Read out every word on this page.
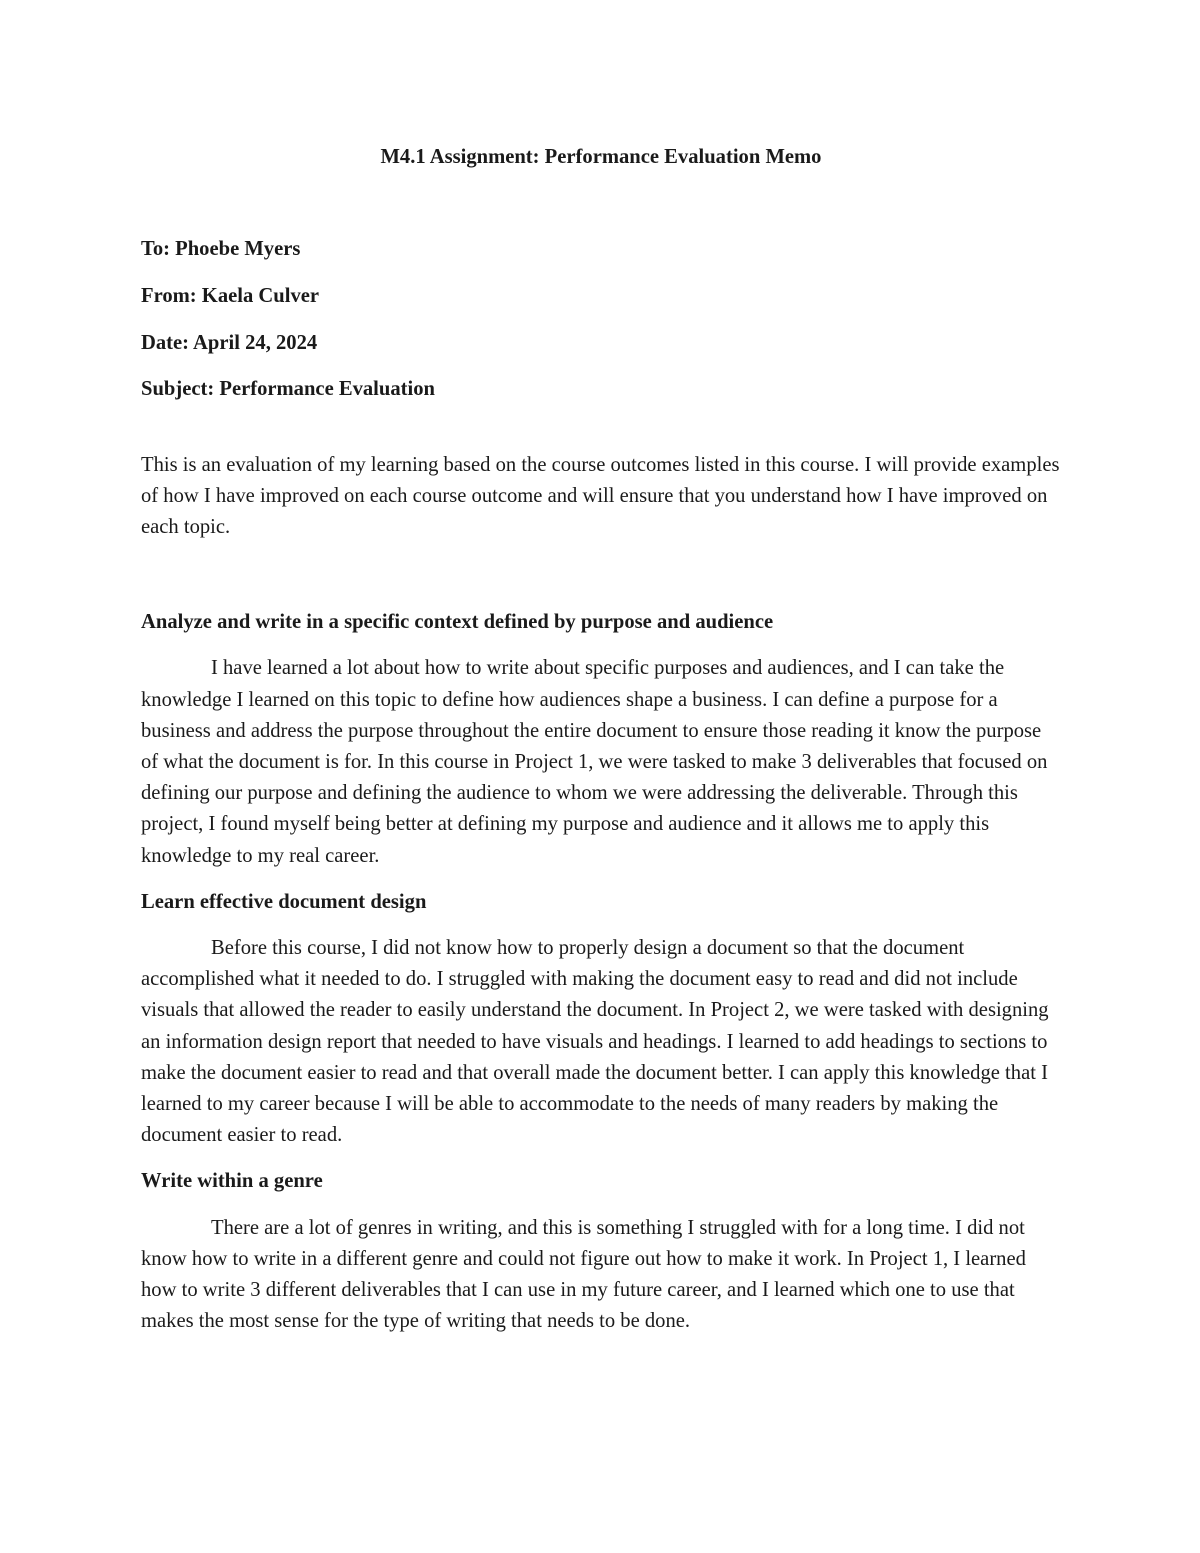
M4.1 Assignment: Performance Evaluation Memo

To: Phoebe Myers

From: Kaela Culver

Date: April 24, 2024

Subject: Performance Evaluation

This is an evaluation of my learning based on the course outcomes listed in this course. I will provide examples of how I have improved on each course outcome and will ensure that you understand how I have improved on each topic.

Analyze and write in a specific context defined by purpose and audience

I have learned a lot about how to write about specific purposes and audiences, and I can take the knowledge I learned on this topic to define how audiences shape a business. I can define a purpose for a business and address the purpose throughout the entire document to ensure those reading it know the purpose of what the document is for. In this course in Project 1, we were tasked to make 3 deliverables that focused on defining our purpose and defining the audience to whom we were addressing the deliverable. Through this project, I found myself being better at defining my purpose and audience and it allows me to apply this knowledge to my real career.

Learn effective document design

Before this course, I did not know how to properly design a document so that the document accomplished what it needed to do. I struggled with making the document easy to read and did not include visuals that allowed the reader to easily understand the document. In Project 2, we were tasked with designing an information design report that needed to have visuals and headings. I learned to add headings to sections to make the document easier to read and that overall made the document better. I can apply this knowledge that I learned to my career because I will be able to accommodate to the needs of many readers by making the document easier to read.

Write within a genre

There are a lot of genres in writing, and this is something I struggled with for a long time. I did not know how to write in a different genre and could not figure out how to make it work. In Project 1, I learned how to write 3 different deliverables that I can use in my future career, and I learned which one to use that makes the most sense for the type of writing that needs to be done.
